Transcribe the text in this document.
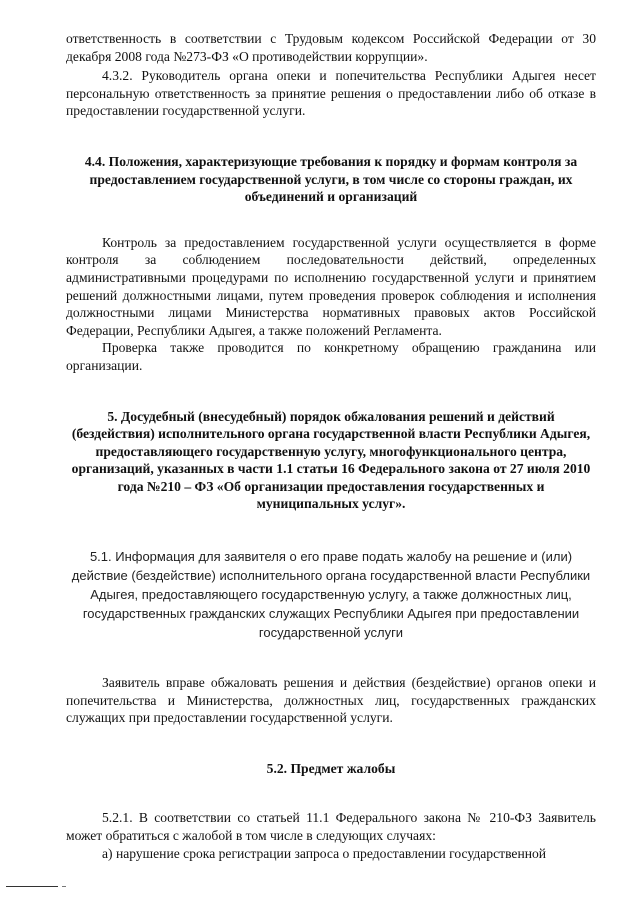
ответственность в соответствии с Трудовым кодексом Российской Федерации от 30 декабря 2008 года №273-ФЗ «О противодействии коррупции».

4.3.2. Руководитель органа опеки и попечительства Республики Адыгея несет персональную ответственность за принятие решения о предоставлении либо об отказе в предоставлении государственной услуги.

4.4. Положения, характеризующие требования к порядку и формам контроля за предоставлением государственной услуги, в том числе со стороны граждан, их объединений и организаций

Контроль за предоставлением государственной услуги осуществляется в форме контроля за соблюдением последовательности действий, определенных административными процедурами по исполнению государственной услуги и принятием решений должностными лицами, путем проведения проверок соблюдения и исполнения должностными лицами Министерства нормативных правовых актов Российской Федерации, Республики Адыгея, а также положений Регламента.

Проверка также проводится по конкретному обращению гражданина или организации.

5. Досудебный (внесудебный) порядок обжалования решений и действий (бездействия) исполнительного органа государственной власти Республики Адыгея, предоставляющего государственную услугу, многофункционального центра, организаций, указанных в части 1.1 статьи 16 Федерального закона от 27 июля 2010 года №210 – ФЗ «Об организации предоставления государственных и муниципальных услуг».
5.1. Информация для заявителя о его праве подать жалобу на решение и (или) действие (бездействие) исполнительного органа государственной власти Республики Адыгея, предоставляющего государственную услугу, а также должностных лиц, государственных гражданских служащих Республики Адыгея при предоставлении государственной услуги

Заявитель вправе обжаловать решения и действия (бездействие) органов опеки и попечительства и Министерства, должностных лиц, государственных гражданских служащих при предоставлении государственной услуги.

5.2. Предмет жалобы

5.2.1. В соответствии со статьей 11.1 Федерального закона № 210-ФЗ Заявитель может обратиться с жалобой в том числе в следующих случаях:

а) нарушение срока регистрации запроса о предоставлении государственной
